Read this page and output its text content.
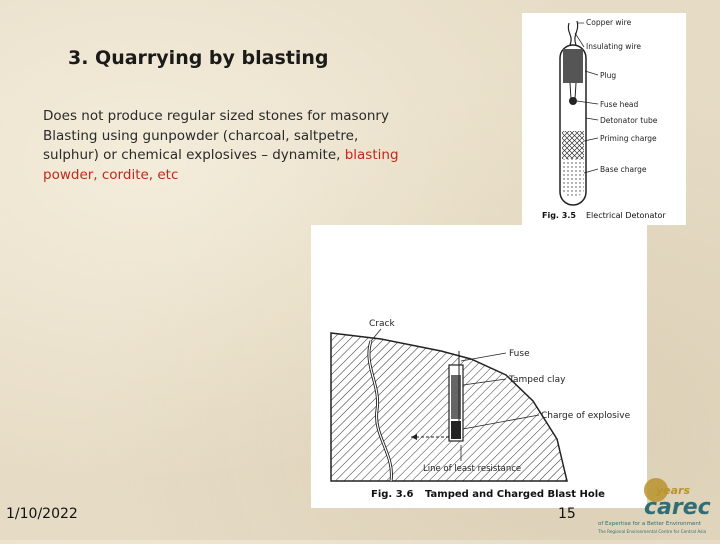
3. Quarrying by blasting

Does not produce regular sized stones for masonry

Blasting using gunpowder (charcoal, saltpetre,

sulphur) or chemical explosives – dynamite, blasting

powder, cordite, etc

Copper wire
Insulating wire
Plug
Fuse head
Detonator tube
Priming charge
Base charge
Fig. 3.5 Electrical Detonator
Crack
Fuse
Tamped clay
Charge of explosive
Line of least resistance
Fig. 3.6 Tamped and Charged Blast Hole
1/10/2022	15
years
carec
of Expertise for a Better Environment
The Regional Environmental Centre for Central Asia
